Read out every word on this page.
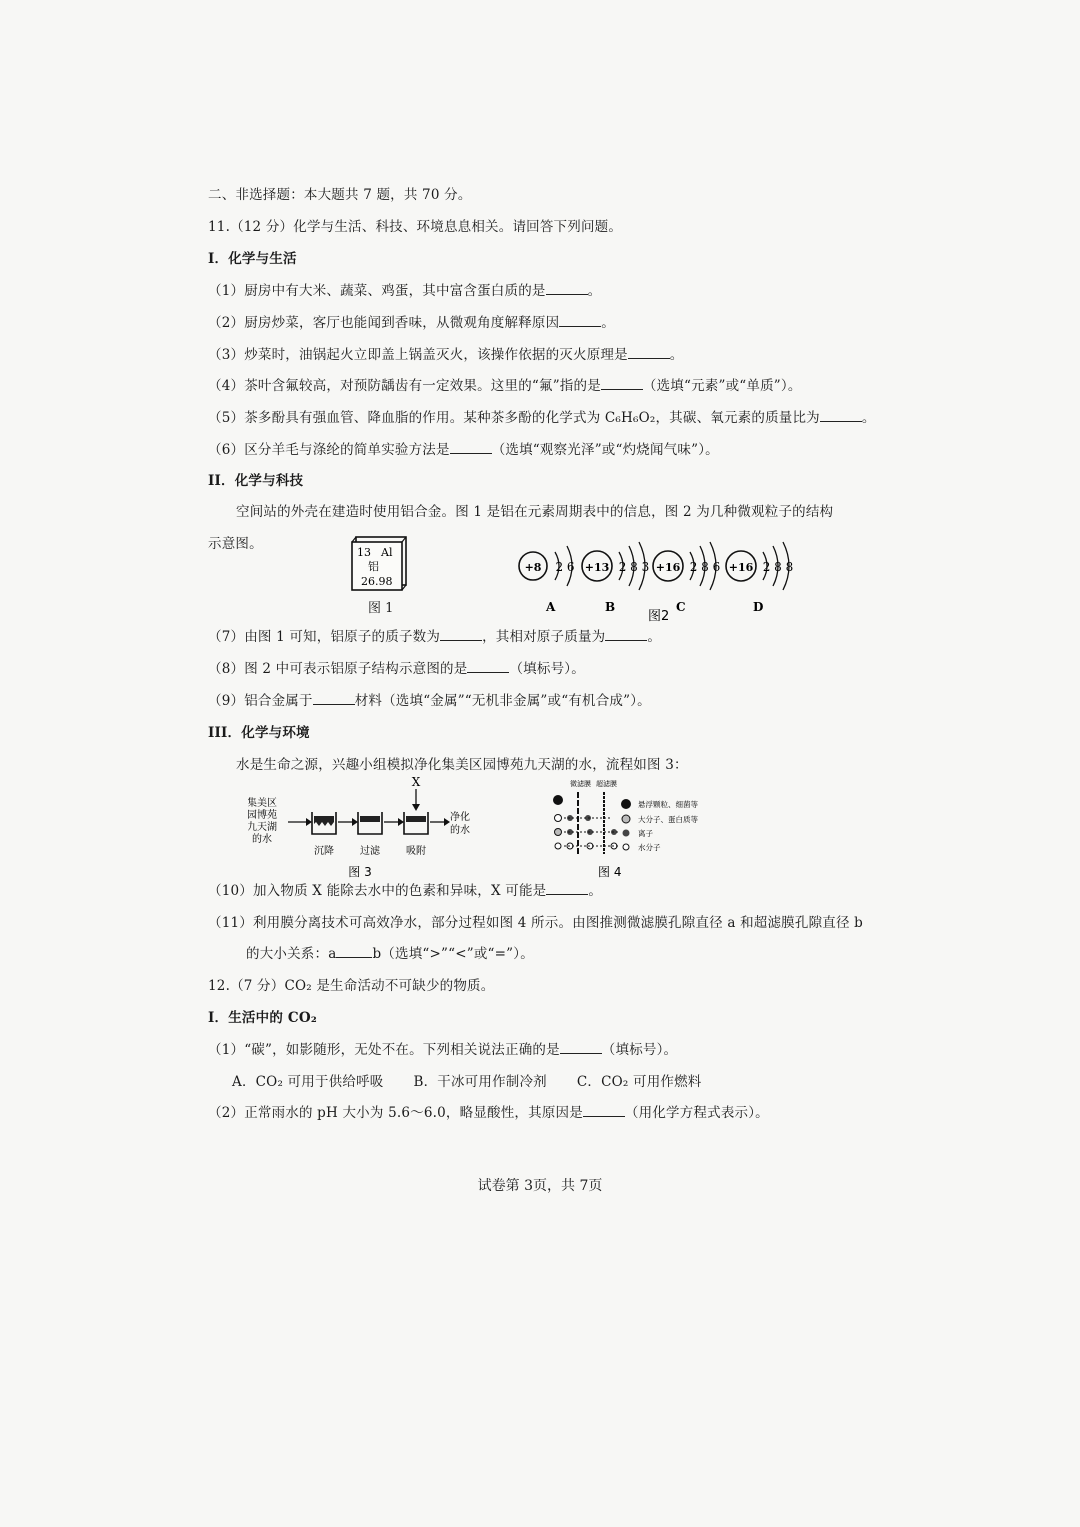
二、非选择题：本大题共 7 题，共 70 分。
11.（12 分）化学与生活、科技、环境息息相关。请回答下列问题。
I．化学与生活
（1）厨房中有大米、蔬菜、鸡蛋，其中富含蛋白质的是	。
（2）厨房炒菜，客厅也能闻到香味，从微观角度解释原因	。
（3）炒菜时，油锅起火立即盖上锅盖灭火，该操作依据的灭火原理是	。
（4）茶叶含氟较高，对预防龋齿有一定效果。这里的“氟”指的是	（选填“元素”或“单质”）。
（5）茶多酚具有强血管、降血脂的作用。某种茶多酚的化学式为 C₆H₆O₂，其碳、氧元素的质量比为	。
（6）区分羊毛与涤纶的简单实验方法是	（选填“观察光泽”或“灼烧闻气味”）。
II．化学与科技
空间站的外壳在建造时使用铝合金。图 1 是铝在元素周期表中的信息，图 2 为几种微观粒子的结构
示意图。
13 Al
铝
26.98
图 1
+8 2 6
A
+13 2 8 3
B
+16 2 8 6
C
+16 2 8 8
D
图2
（7）由图 1 可知，铝原子的质子数为	，其相对原子质量为	。
（8）图 2 中可表示铝原子结构示意图的是	（填标号）。
（9）铝合金属于	材料（选填“金属”“无机非金属”或“有机合成”）。
III．化学与环境
水是生命之源，兴趣小组模拟净化集美区园博苑九天湖的水，流程如图 3：
集美区
园博苑
九天湖
的水
X
净化
的水
沉降	过滤	吸附
图 3
微滤膜 超滤膜
悬浮颗粒、细菌等
大分子、蛋白质等
离子
水分子
图 4
（10）加入物质 X 能除去水中的色素和异味，X 可能是	。
（11）利用膜分离技术可高效净水，部分过程如图 4 所示。由图推测微滤膜孔隙直径 a 和超滤膜孔隙直径 b
的大小关系：a	b（选填“>”“<”或“=”）。
12.（7 分）CO₂ 是生命活动不可缺少的物质。
I．生活中的 CO₂
（1）“碳”，如影随形，无处不在。下列相关说法正确的是	（填标号）。
A．CO₂ 可用于供给呼吸 B．干冰可用作制冷剂 C．CO₂ 可用作燃料
（2）正常雨水的 pH 大小为 5.6～6.0，略显酸性，其原因是	（用化学方程式表示）。
试卷第 3页，共 7页
